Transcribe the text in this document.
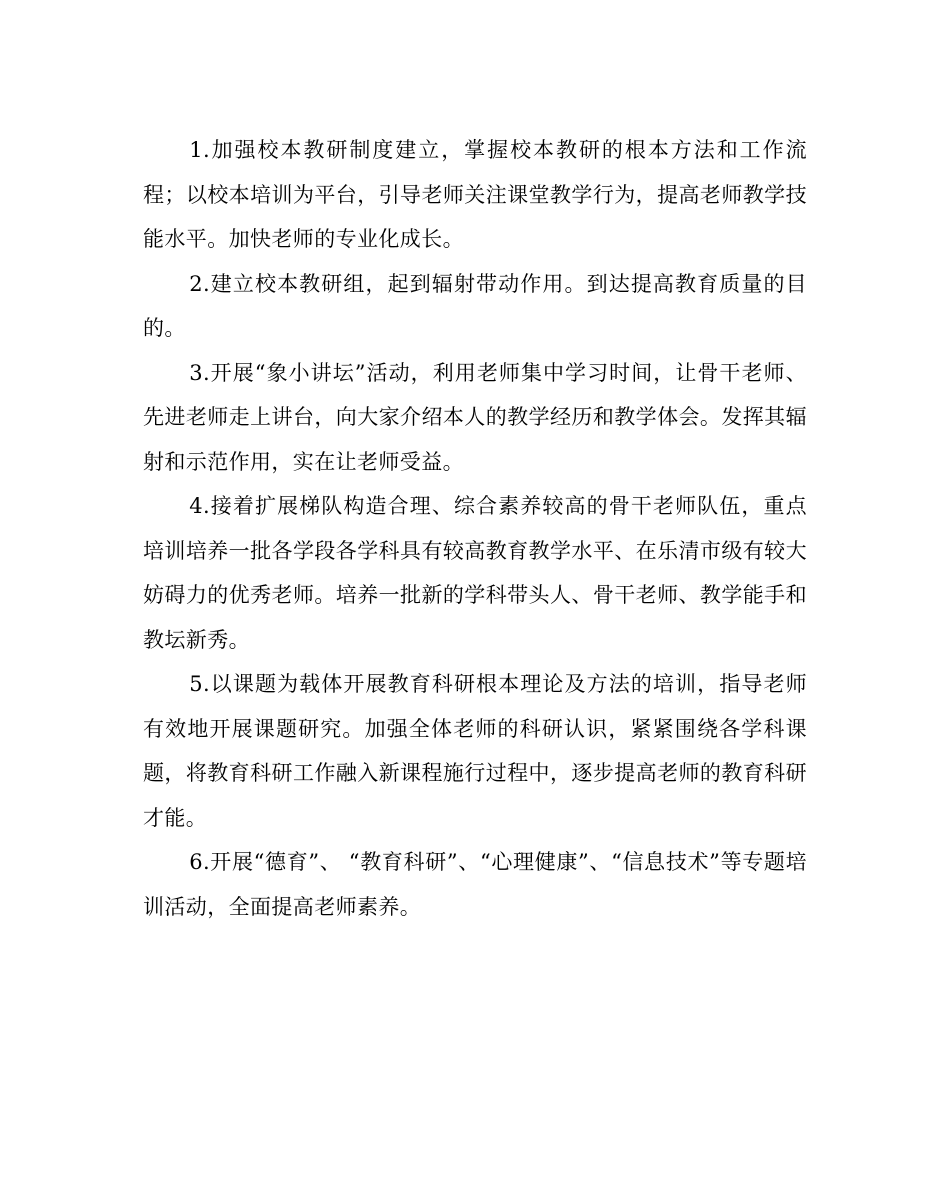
1.加强校本教研制度建立，掌握校本教研的根本方法和工作流程；以校本培训为平台，引导老师关注课堂教学行为，提高老师教学技能水平。加快老师的专业化成长。

2.建立校本教研组，起到辐射带动作用。到达提高教育质量的目的。

3.开展“象小讲坛”活动，利用老师集中学习时间，让骨干老师、先进老师走上讲台，向大家介绍本人的教学经历和教学体会。发挥其辐射和示范作用，实在让老师受益。

4.接着扩展梯队构造合理、综合素养较高的骨干老师队伍，重点培训培养一批各学段各学科具有较高教育教学水平、在乐清市级有较大妨碍力的优秀老师。培养一批新的学科带头人、骨干老师、教学能手和教坛新秀。

5.以课题为载体开展教育科研根本理论及方法的培训，指导老师有效地开展课题研究。加强全体老师的科研认识，紧紧围绕各学科课题，将教育科研工作融入新课程施行过程中，逐步提高老师的教育科研才能。

6.开展“德育”、 “教育科研”、“心理健康”、“信息技术”等专题培训活动，全面提高老师素养。
